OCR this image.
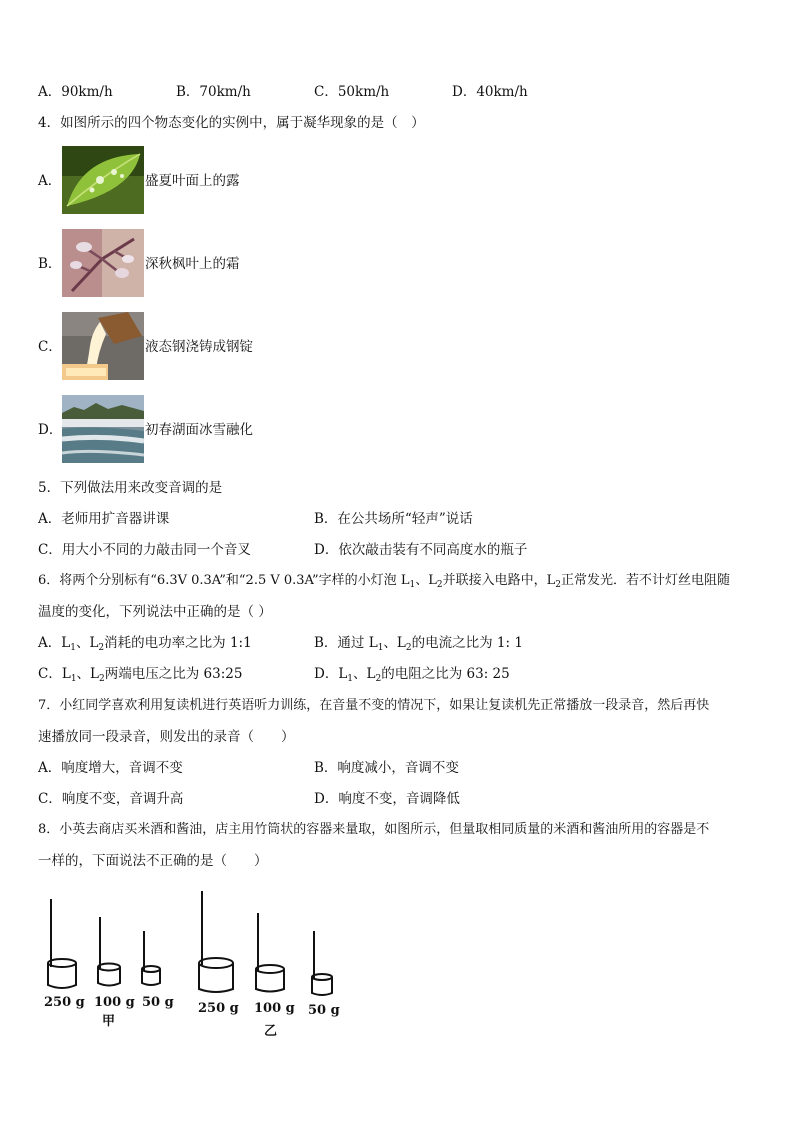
A．90km/h	B．70km/h	C．50km/h	D．40km/h
4．如图所示的四个物态变化的实例中，属于凝华现象的是（　）
A．	盛夏叶面上的露
B．	深秋枫叶上的霜
C．	液态钢浇铸成钢锭
D．	初春湖面冰雪融化
5．下列做法用来改变音调的是
A．老师用扩音器讲课	B．在公共场所“轻声”说话
C．用大小不同的力敲击同一个音叉	D．依次敲击装有不同高度水的瓶子
6．将两个分别标有“6.3V 0.3A”和“2.5 V 0.3A”字样的小灯泡 $L_1$、$L_2$并联接入电路中，$L_2$正常发光．若不计灯丝电阻随
温度的变化，下列说法中正确的是（ ）
A．$L_1$、$L_2$消耗的电功率之比为 1:1	B．通过 $L_1$、$L_2$的电流之比为 1: 1
C．$L_1$、$L_2$两端电压之比为 63:25	D．$L_1$、$L_2$的电阻之比为 63: 25
7．小红同学喜欢利用复读机进行英语听力训练，在音量不变的情况下，如果让复读机先正常播放一段录音，然后再快
速播放同一段录音，则发出的录音（　　）
A．响度增大，音调不变	B．响度减小，音调不变
C．响度不变，音调升高	D．响度不变，音调降低
8．小英去商店买米酒和酱油，店主用竹筒状的容器来量取，如图所示，但量取相同质量的米酒和酱油所用的容器是不
一样的，下面说法不正确的是（　　）
250 g 100 g 50 g
甲
250 g 100 g 50 g
乙
